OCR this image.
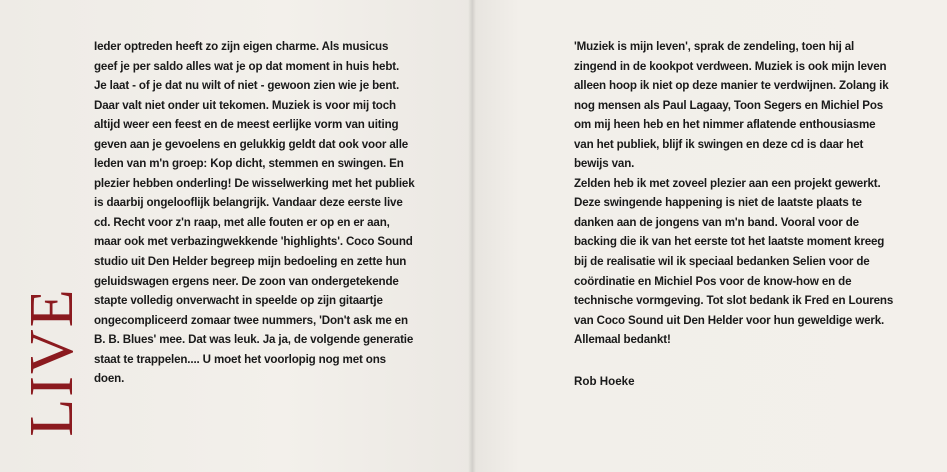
LIVE
Ieder optreden heeft zo zijn eigen charme. Als musicus
geef je per saldo alles wat je op dat moment in huis hebt.
Je laat - of je dat nu wilt of niet - gewoon zien wie je bent.
Daar valt niet onder uit tekomen. Muziek is voor mij toch
altijd weer een feest en de meest eerlijke vorm van uiting
geven aan je gevoelens en gelukkig geldt dat ook voor alle
leden van m'n groep: Kop dicht, stemmen en swingen. En
plezier hebben onderling! De wisselwerking met het publiek
is daarbij ongelooflijk belangrijk. Vandaar deze eerste live
cd. Recht voor z'n raap, met alle fouten er op en er aan,
maar ook met verbazingwekkende 'highlights'. Coco Sound
studio uit Den Helder begreep mijn bedoeling en zette hun
geluidswagen ergens neer. De zoon van ondergetekende
stapte volledig onverwacht in speelde op zijn gitaartje
ongecompliceerd zomaar twee nummers, 'Don't ask me en
B. B. Blues' mee. Dat was leuk. Ja ja, de volgende generatie
staat te trappelen.... U moet het voorlopig nog met ons
doen.
'Muziek is mijn leven', sprak de zendeling, toen hij al
zingend in de kookpot verdween. Muziek is ook mijn leven
alleen hoop ik niet op deze manier te verdwijnen. Zolang ik
nog mensen als Paul Lagaay, Toon Segers en Michiel Pos
om mij heen heb en het nimmer aflatende enthousiasme
van het publiek, blijf ik swingen en deze cd is daar het
bewijs van.
Zelden heb ik met zoveel plezier aan een projekt gewerkt.
Deze swingende happening is niet de laatste plaats te
danken aan de jongens van m'n band. Vooral voor de
backing die ik van het eerste tot het laatste moment kreeg
bij de realisatie wil ik speciaal bedanken Selien voor de
coördinatie en Michiel Pos voor de know-how en de
technische vormgeving. Tot slot bedank ik Fred en Lourens
van Coco Sound uit Den Helder voor hun geweldige werk.
Allemaal bedankt!
Rob Hoeke
